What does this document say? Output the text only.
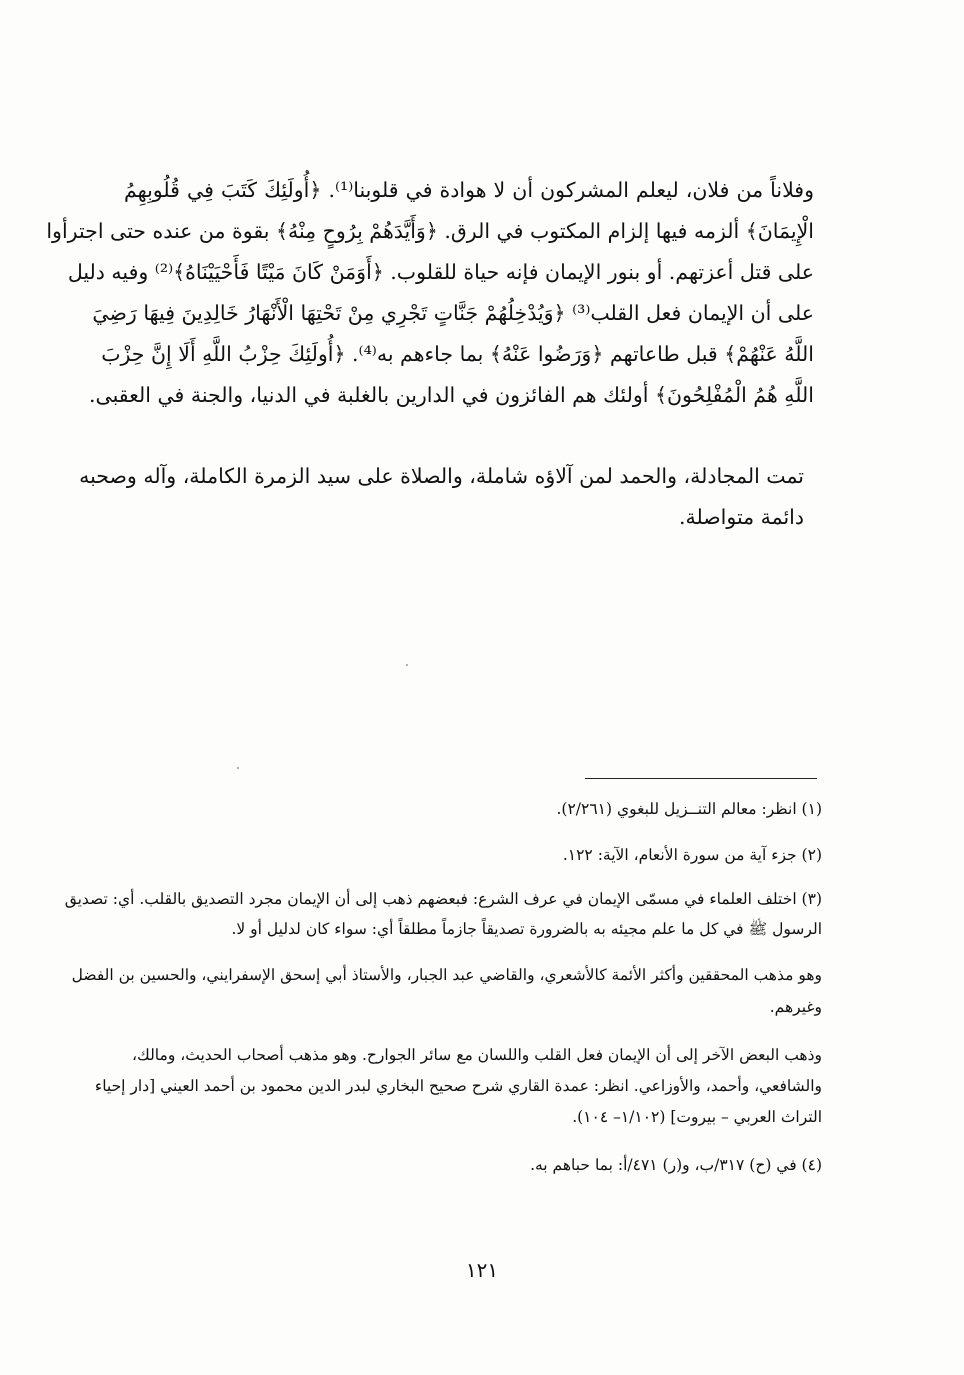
وفلاناً من فلان، ليعلم المشركون أن لا هوادة في قلوبنا⁽¹⁾. ﴿أُولَئِكَ كَتَبَ فِي قُلُوبِهِمُ
الْإِيمَانَ﴾ ألزمه فيها إلزام المكتوب في الرق. ﴿وَأَيَّدَهُمْ بِرُوحٍ مِنْهُ﴾ بقوة من عنده حتى اجترأوا
على قتل أعزتهم. أو بنور الإيمان فإنه حياة للقلوب. ﴿أَوَمَنْ كَانَ مَيْتًا فَأَحْيَيْنَاهُ﴾⁽²⁾ وفيه دليل
على أن الإيمان فعل القلب⁽³⁾ ﴿وَيُدْخِلُهُمْ جَنَّاتٍ تَجْرِي مِنْ تَحْتِهَا الْأَنْهَارُ خَالِدِينَ فِيهَا رَضِيَ
اللَّهُ عَنْهُمْ﴾ قبل طاعاتهم ﴿وَرَضُوا عَنْهُ﴾ بما جاءهم به⁽⁴⁾. ﴿أُولَئِكَ حِزْبُ اللَّهِ أَلَا إِنَّ حِزْبَ
اللَّهِ هُمُ الْمُفْلِحُونَ﴾ أولئك هم الفائزون في الدارين بالغلبة في الدنيا، والجنة في العقبى.
تمت المجادلة، والحمد لمن آلاؤه شاملة، والصلاة على سيد الزمرة الكاملة، وآله وصحبه
دائمة متواصلة.
(١) انظر: معالم التنــزيل للبغوي (٢/٢٦١).
(٢) جزء آية من سورة الأنعام، الآية: ١٢٢.
(٣) اختلف العلماء في مسمّى الإيمان في عرف الشرع: فبعضهم ذهب إلى أن الإيمان مجرد التصديق بالقلب. أي: تصديق
الرسول ﷺ في كل ما علم مجيئه به بالضرورة تصديقاً جازماً مطلقاً أي: سواء كان لدليل أو لا.
وهو مذهب المحققين وأكثر الأئمة كالأشعري، والقاضي عبد الجبار، والأستاذ أبي إسحق الإسفرايني، والحسين بن الفضل
وغيرهم.
وذهب البعض الآخر إلى أن الإيمان فعل القلب واللسان مع سائر الجوارح. وهو مذهب أصحاب الحديث، ومالك،
والشافعي، وأحمد، والأوزاعي. انظر: عمدة القاري شرح صحيح البخاري لبدر الدين محمود بن أحمد العيني [دار إحياء
التراث العربي – بيروت] (١/١٠٢– ١٠٤).
(٤) في (ح) ٣١٧/ب، و(ر) ٤٧١/أ: بما حباهم به.
١٢١
